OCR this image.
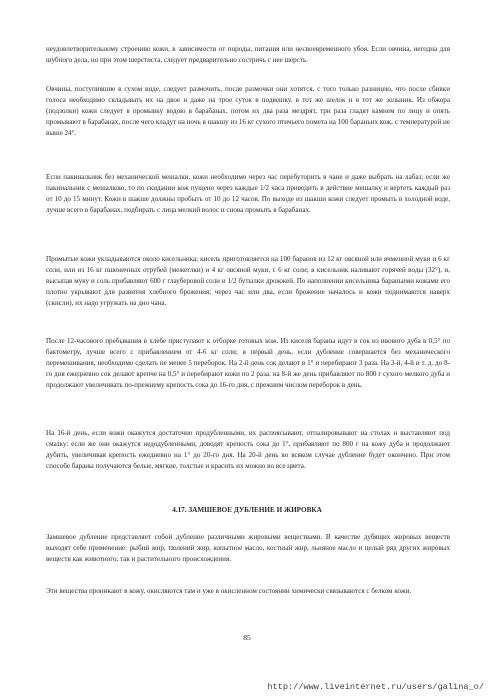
неудовлетворительному строению кожи, в зависимости от породы, питания или несвоевременного убоя. Если овчина, негодна для шубного дела, но при этом шерстиста, следует предварительно состричь с нее шерсть.

Овчины, поступившие в сухом виде, следует размочить, после размочки они хотятся, с того только разницею, что после сбивки голоса необходимо складывать их на двое и даже на трое суток в подвешку. в тот же шелок н в тот же золыник. Из обжора (подзолки) кожи следует в промывку водою в барабанах, потом их два раза мездрят, три раза гладят камнем по лицу и опять промывают в барабанах, после чего кладут на ночь в шакшу из 16 кг сухого птичьего помета на 100 бараньих кож, с температурой не выше 24°.

Если пакинальник без механической мешалки, кожи необходимо через час перебуторить в чане и даже выбрать на лабаз; если же пакинальник с мешалкою, то по скидании кож пущено через каждые 1/2 часа приводить в действие мешалку и вертеть каждый раз от 10 до 15 минут. Кожи в шакше должны пробыть от 10 до 12 часов. По выходе из шакши кожи следует промыть в холодной воде, лучше всего в барабанах, подбирать с лица мелкий волос и снова промыть в барабанах.

Промытые кожи укладываются около кисельника; кисель приготовляется на 100 баранов из 12 кг овсяной или ячменной муки и 6 кг соли, или из 16 кг пшеничных отрубей (межеглки) и 4 кг овсяной муки, с 6 кг соли; в кисельник наливают горячей воды (32°), и, высыпав муку и соль прибавляют 600 г глауберовой соли и 1/2 бутылки дрожжей. По наполнении кисельника бараньими кожами его плотно укрывают для развития хлебного брожения; через час или два, если брожение началось и кожи поднимаются наверх (скисли), их надо угружать на дно чана.

После 12-часового пребывания в хлебе приступают к отборке готовых кож. Из киселя бараны идут в сок из ивового дуба в 0,5° по бактометру, лучше всего с прибавлением от 4-6 кг соли; в первый день, если дубление совершается без механического перемешивания, необходимо сделать не менее 5 переборок. На 2-й день сок делают в 1° и перебирают 3 раза. На 3-й, 4-й и т. д. до 8-го дня ежедневно сок делают крепче на 0,5° и перебирают кожи по 2 раза. на 8-й же день прибавляют по 800 г сухого мелкого дуба и продолжают увеличивать по-прежнему крепость сока до 16-го дня, с прежним числом переборок в день.

На 16-й день, если кожи окажутся достаточно продубленными, их распоясывают, отпалировывают на столах и выставляют под смазку: если же они окажутся недодубленными, доводят крепость сока до 1°, прибавляют по 800 г на кожу дуба и продолжают дубить, увеличивая крепость ежедневно на 1° до 20-го дня. На 20-й день во всяком случае дубление будет окончено. При этом способе бараны получаются белые, мягкие, толстые и красить их можно во все цвета.

4.17. ЗАМШЕВОЕ ДУБЛЕНИЕ И ЖИРОВКА

Замшевое дубление представляет собой дубление различными жировыми веществами. В качестве дубящих жировых веществ выходят себе применение: рыбий жир, тюлений жир, копытное масло, костный жир, льняное масло и целый ряд других жировых веществ как животного, так и растительного происхождения.

Эти вещества проникают в кожу, окисляются там и уже в окисленном состоянии химически связываются с белком кожи.

85
http://www.liveinternet.ru/users/galina_o/
